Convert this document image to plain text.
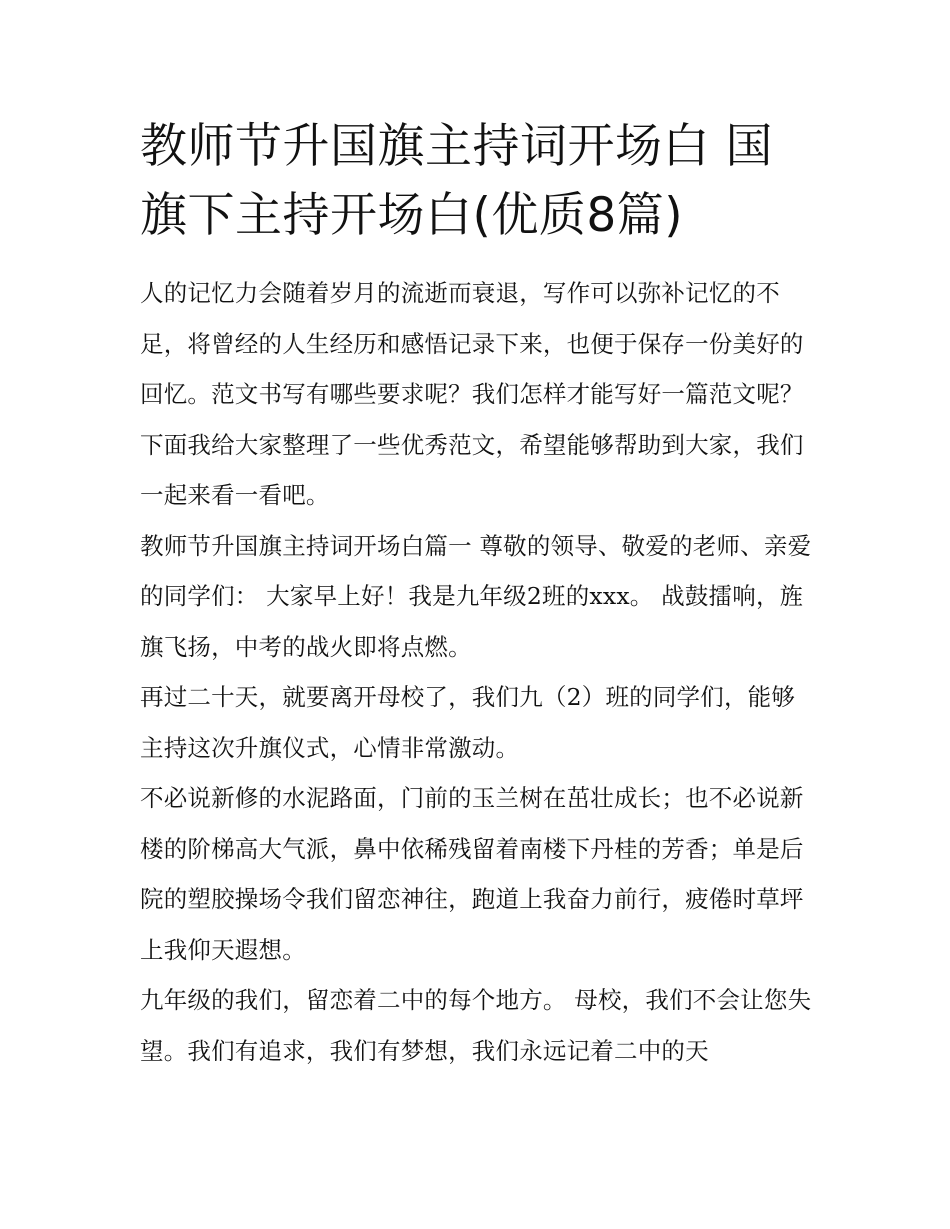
教师节升国旗主持词开场白 国旗下主持开场白(优质8篇)

人的记忆力会随着岁月的流逝而衰退，写作可以弥补记忆的不足，将曾经的人生经历和感悟记录下来，也便于保存一份美好的回忆。范文书写有哪些要求呢？我们怎样才能写好一篇范文呢？下面我给大家整理了一些优秀范文，希望能够帮助到大家，我们一起来看一看吧。

教师节升国旗主持词开场白篇一 尊敬的领导、敬爱的老师、亲爱的同学们： 大家早上好！我是九年级2班的xxx。 战鼓擂响，旌旗飞扬，中考的战火即将点燃。

再过二十天，就要离开母校了，我们九（2）班的同学们，能够主持这次升旗仪式，心情非常激动。

不必说新修的水泥路面，门前的玉兰树在茁壮成长；也不必说新楼的阶梯高大气派，鼻中依稀残留着南楼下丹桂的芳香；单是后院的塑胶操场令我们留恋神往，跑道上我奋力前行，疲倦时草坪上我仰天遐想。

九年级的我们，留恋着二中的每个地方。 母校，我们不会让您失望。我们有追求，我们有梦想，我们永远记着二中的天
